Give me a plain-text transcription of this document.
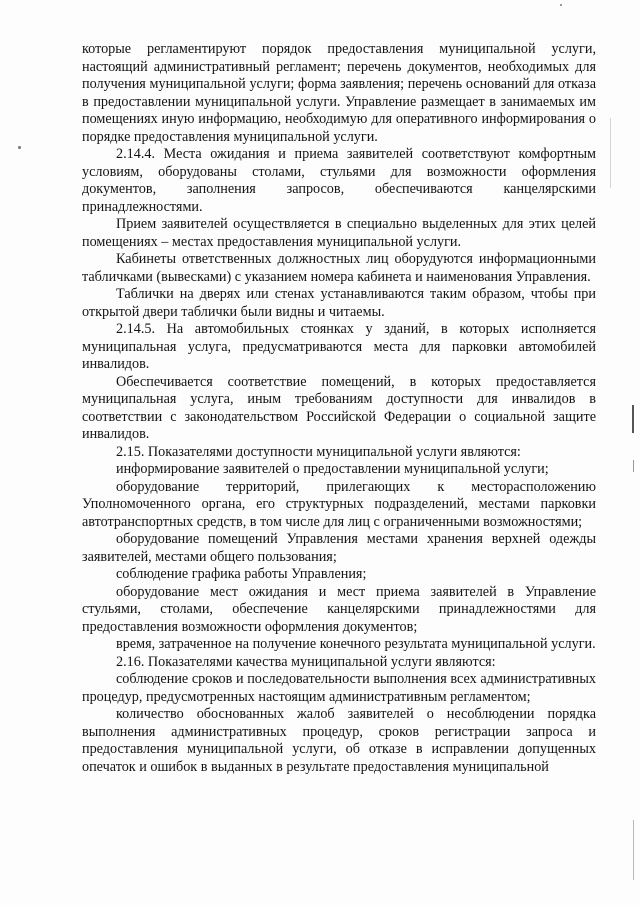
которые регламентируют порядок предоставления муниципальной услуги, настоящий административный регламент; перечень документов, необходимых для получения муниципальной услуги; форма заявления; перечень оснований для отказа в предоставлении муниципальной услуги. Управление размещает в занимаемых им помещениях иную информацию, необходимую для оперативного информирования о порядке предоставления муниципальной услуги.

2.14.4. Места ожидания и приема заявителей соответствуют комфортным условиям, оборудованы столами, стульями для возможности оформления документов, заполнения запросов, обеспечиваются канцелярскими принадлежностями.

Прием заявителей осуществляется в специально выделенных для этих целей помещениях – местах предоставления муниципальной услуги.

Кабинеты ответственных должностных лиц оборудуются информационными табличками (вывесками) с указанием номера кабинета и наименования Управления.

Таблички на дверях или стенах устанавливаются таким образом, чтобы при открытой двери таблички были видны и читаемы.

2.14.5. На автомобильных стоянках у зданий, в которых исполняется муниципальная услуга, предусматриваются места для парковки автомобилей инвалидов.

Обеспечивается соответствие помещений, в которых предоставляется муниципальная услуга, иным требованиям доступности для инвалидов в соответствии с законодательством Российской Федерации о социальной защите инвалидов.

2.15. Показателями доступности муниципальной услуги являются:

информирование заявителей о предоставлении муниципальной услуги;

оборудование территорий, прилегающих к месторасположению Уполномоченного органа, его структурных подразделений, местами парковки автотранспортных средств, в том числе для лиц с ограниченными возможностями;

оборудование помещений Управления местами хранения верхней одежды заявителей, местами общего пользования;

соблюдение графика работы Управления;

оборудование мест ожидания и мест приема заявителей в Управление стульями, столами, обеспечение канцелярскими принадлежностями для предоставления возможности оформления документов;

время, затраченное на получение конечного результата муниципальной услуги.

2.16. Показателями качества муниципальной услуги являются:

соблюдение сроков и последовательности выполнения всех административных процедур, предусмотренных настоящим административным регламентом;

количество обоснованных жалоб заявителей о несоблюдении порядка выполнения административных процедур, сроков регистрации запроса и предоставления муниципальной услуги, об отказе в исправлении допущенных опечаток и ошибок в выданных в результате предоставления муниципальной
